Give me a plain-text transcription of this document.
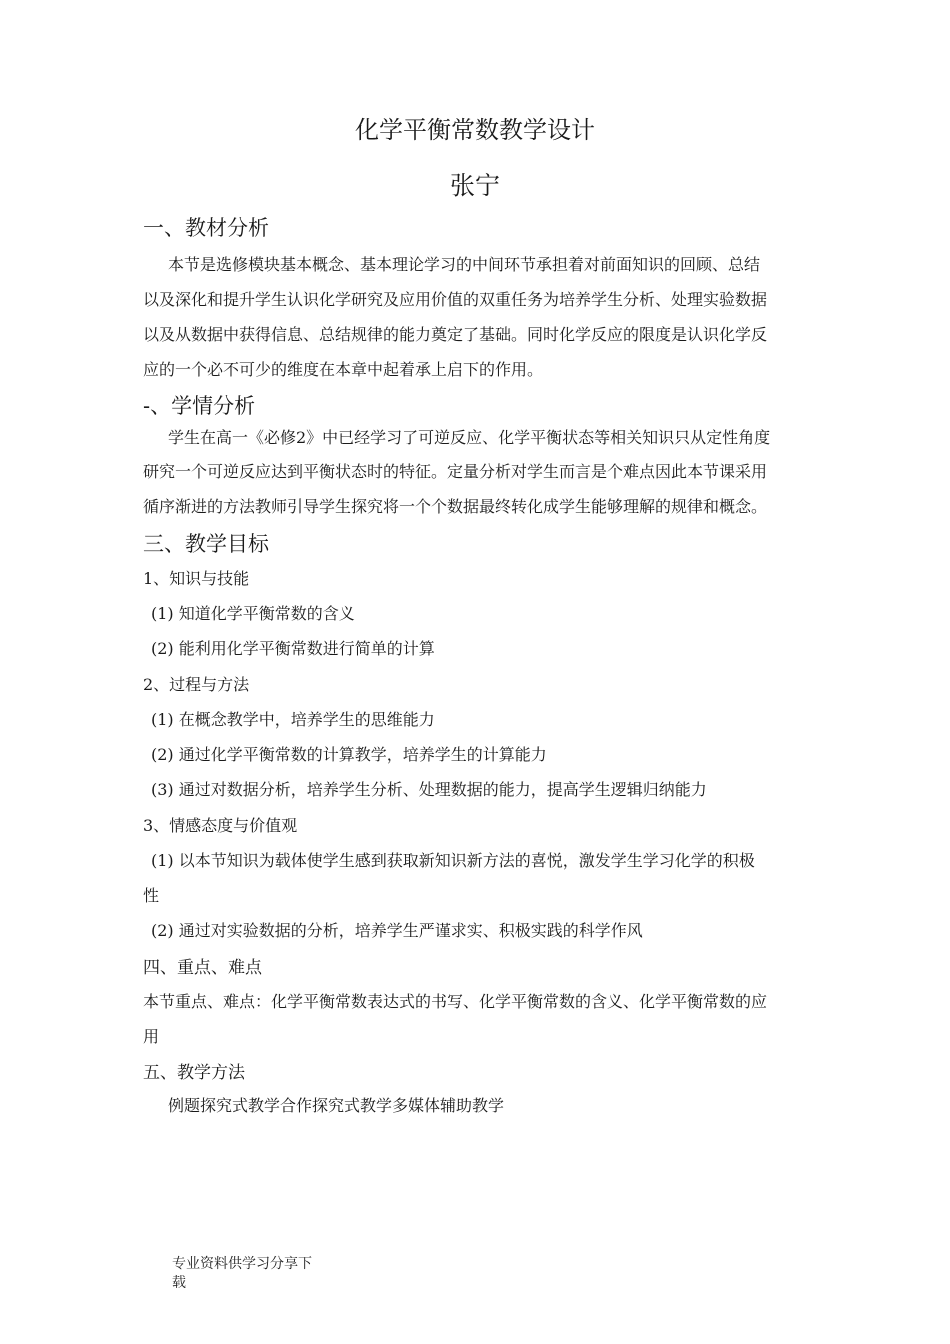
化学平衡常数教学设计
张宁
一、教材分析
本节是选修模块基本概念、基本理论学习的中间环节承担着对前面知识的回顾、总结
以及深化和提升学生认识化学研究及应用价值的双重任务为培养学生分析、处理实验数据
以及从数据中获得信息、总结规律的能力奠定了基础。同时化学反应的限度是认识化学反
应的一个必不可少的维度在本章中起着承上启下的作用。
-、学情分析
学生在高一《必修2》中已经学习了可逆反应、化学平衡状态等相关知识只从定性角度
研究一个可逆反应达到平衡状态时的特征。定量分析对学生而言是个难点因此本节课采用
循序渐进的方法教师引导学生探究将一个个数据最终转化成学生能够理解的规律和概念。
三、教学目标
1、知识与技能
(1) 知道化学平衡常数的含义
(2) 能利用化学平衡常数进行简单的计算
2、过程与方法
(1) 在概念教学中，培养学生的思维能力
(2) 通过化学平衡常数的计算教学，培养学生的计算能力
(3) 通过对数据分析，培养学生分析、处理数据的能力，提高学生逻辑归纳能力
3、情感态度与价值观
(1) 以本节知识为载体使学生感到获取新知识新方法的喜悦，激发学生学习化学的积极
性
(2) 通过对实验数据的分析，培养学生严谨求实、积极实践的科学作风
四、重点、难点
本节重点、难点：化学平衡常数表达式的书写、化学平衡常数的含义、化学平衡常数的应
用
五、教学方法
例题探究式教学合作探究式教学多媒体辅助教学
专业资料供学习分享下
载
